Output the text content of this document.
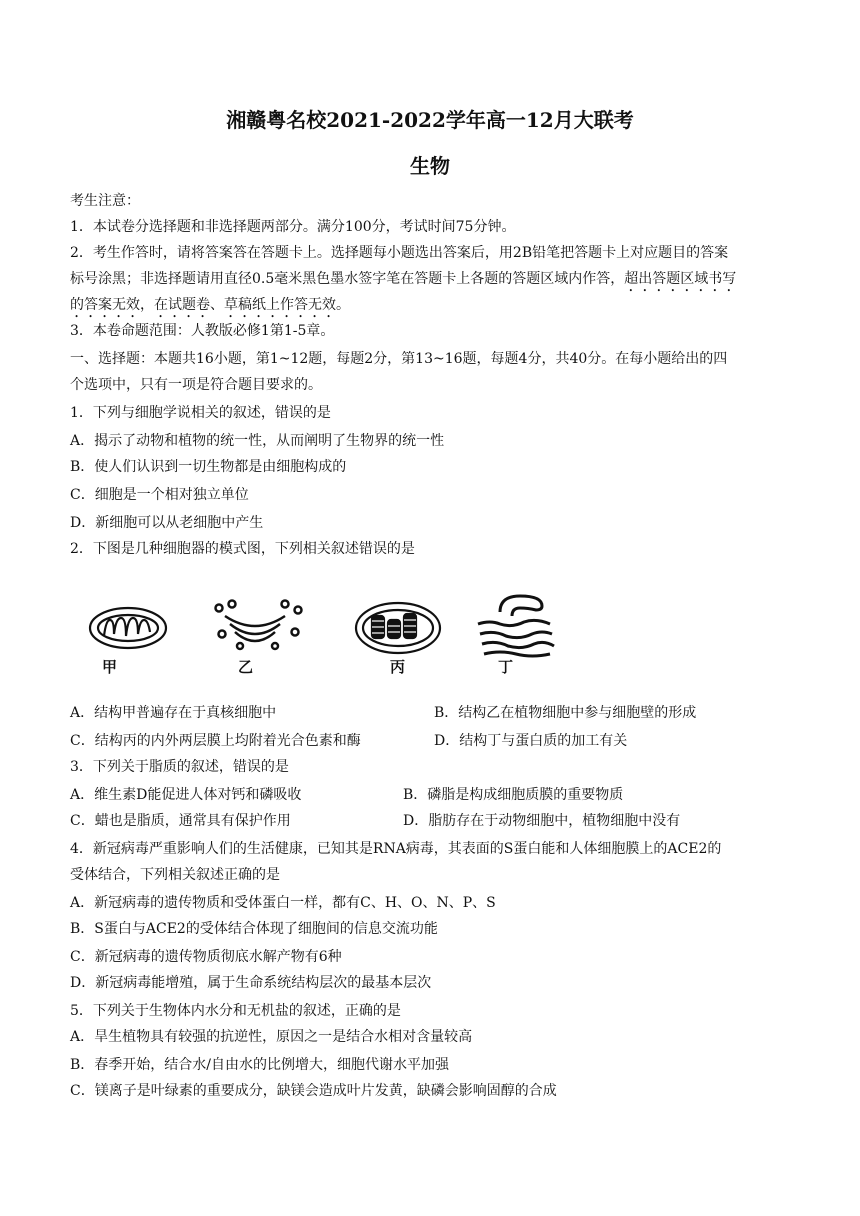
湘赣粤名校2021-2022学年高一12月大联考
生物
考生注意：
1．本试卷分选择题和非选择题两部分。满分100分，考试时间75分钟。
2．考生作答时，请将答案答在答题卡上。选择题每小题选出答案后，用2B铅笔把答题卡上对应题目的答案
标号涂黑；非选择题请用直径0.5毫米黑色墨水签字笔在答题卡上各题的答题区域内作答，超出答题区域书写
的答案无效，在试题卷、草稿纸上作答无效。
3．本卷命题范围：人教版必修1第1-5章。
一、选择题：本题共16小题，第1~12题，每题2分，第13~16题，每题4分，共40分。在每小题给出的四
个选项中，只有一项是符合题目要求的。
1．下列与细胞学说相关的叙述，错误的是
A．揭示了动物和植物的统一性，从而阐明了生物界的统一性
B．使人们认识到一切生物都是由细胞构成的
C．细胞是一个相对独立单位
D．新细胞可以从老细胞中产生
2．下图是几种细胞器的模式图，下列相关叙述错误的是
甲	乙	丙	丁
A．结构甲普遍存在于真核细胞中	B．结构乙在植物细胞中参与细胞壁的形成
C．结构丙的内外两层膜上均附着光合色素和酶	D．结构丁与蛋白质的加工有关
3．下列关于脂质的叙述，错误的是
A．维生素D能促进人体对钙和磷吸收	B．磷脂是构成细胞质膜的重要物质
C．蜡也是脂质，通常具有保护作用	D．脂肪存在于动物细胞中，植物细胞中没有
4．新冠病毒严重影响人们的生活健康，已知其是RNA病毒，其表面的S蛋白能和人体细胞膜上的ACE2的
受体结合，下列相关叙述正确的是
A．新冠病毒的遗传物质和受体蛋白一样，都有C、H、O、N、P、S
B．S蛋白与ACE2的受体结合体现了细胞间的信息交流功能
C．新冠病毒的遗传物质彻底水解产物有6种
D．新冠病毒能增殖，属于生命系统结构层次的最基本层次
5．下列关于生物体内水分和无机盐的叙述，正确的是
A．旱生植物具有较强的抗逆性，原因之一是结合水相对含量较高
B．春季开始，结合水/自由水的比例增大，细胞代谢水平加强
C．镁离子是叶绿素的重要成分，缺镁会造成叶片发黄，缺磷会影响固醇的合成
